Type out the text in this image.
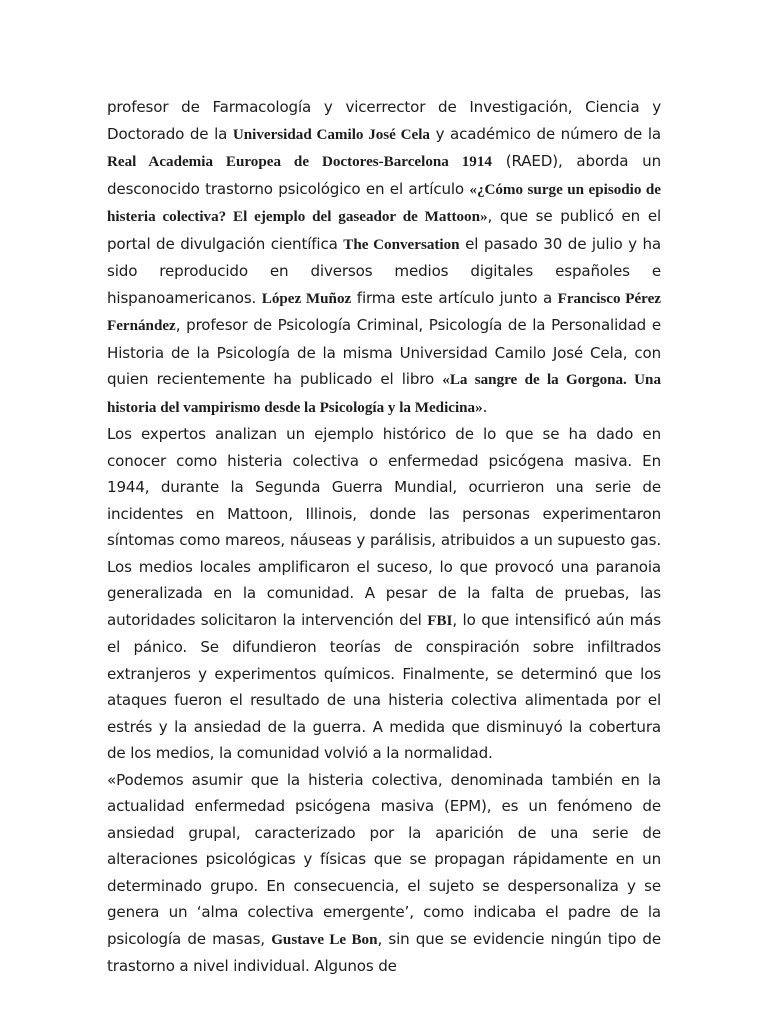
profesor de Farmacología y vicerrector de Investigación, Ciencia y Doctorado de la Universidad Camilo José Cela y académico de número de la Real Academia Europea de Doctores-Barcelona 1914 (RAED), aborda un desconocido trastorno psicológico en el artículo «¿Cómo surge un episodio de histeria colectiva? El ejemplo del gaseador de Mattoon», que se publicó en el portal de divulgación científica The Conversation el pasado 30 de julio y ha sido reproducido en diversos medios digitales españoles e hispanoamericanos. López Muñoz firma este artículo junto a Francisco Pérez Fernández, profesor de Psicología Criminal, Psicología de la Personalidad e Historia de la Psicología de la misma Universidad Camilo José Cela, con quien recientemente ha publicado el libro «La sangre de la Gorgona. Una historia del vampirismo desde la Psicología y la Medicina».

Los expertos analizan un ejemplo histórico de lo que se ha dado en conocer como histeria colectiva o enfermedad psicógena masiva. En 1944, durante la Segunda Guerra Mundial, ocurrieron una serie de incidentes en Mattoon, Illinois, donde las personas experimentaron síntomas como mareos, náuseas y parálisis, atribuidos a un supuesto gas. Los medios locales amplificaron el suceso, lo que provocó una paranoia generalizada en la comunidad. A pesar de la falta de pruebas, las autoridades solicitaron la intervención del FBI, lo que intensificó aún más el pánico. Se difundieron teorías de conspiración sobre infiltrados extranjeros y experimentos químicos. Finalmente, se determinó que los ataques fueron el resultado de una histeria colectiva alimentada por el estrés y la ansiedad de la guerra. A medida que disminuyó la cobertura de los medios, la comunidad volvió a la normalidad.

«Podemos asumir que la histeria colectiva, denominada también en la actualidad enfermedad psicógena masiva (EPM), es un fenómeno de ansiedad grupal, caracterizado por la aparición de una serie de alteraciones psicológicas y físicas que se propagan rápidamente en un determinado grupo. En consecuencia, el sujeto se despersonaliza y se genera un ‘alma colectiva emergente’, como indicaba el padre de la psicología de masas, Gustave Le Bon, sin que se evidencie ningún tipo de trastorno a nivel individual. Algunos de
